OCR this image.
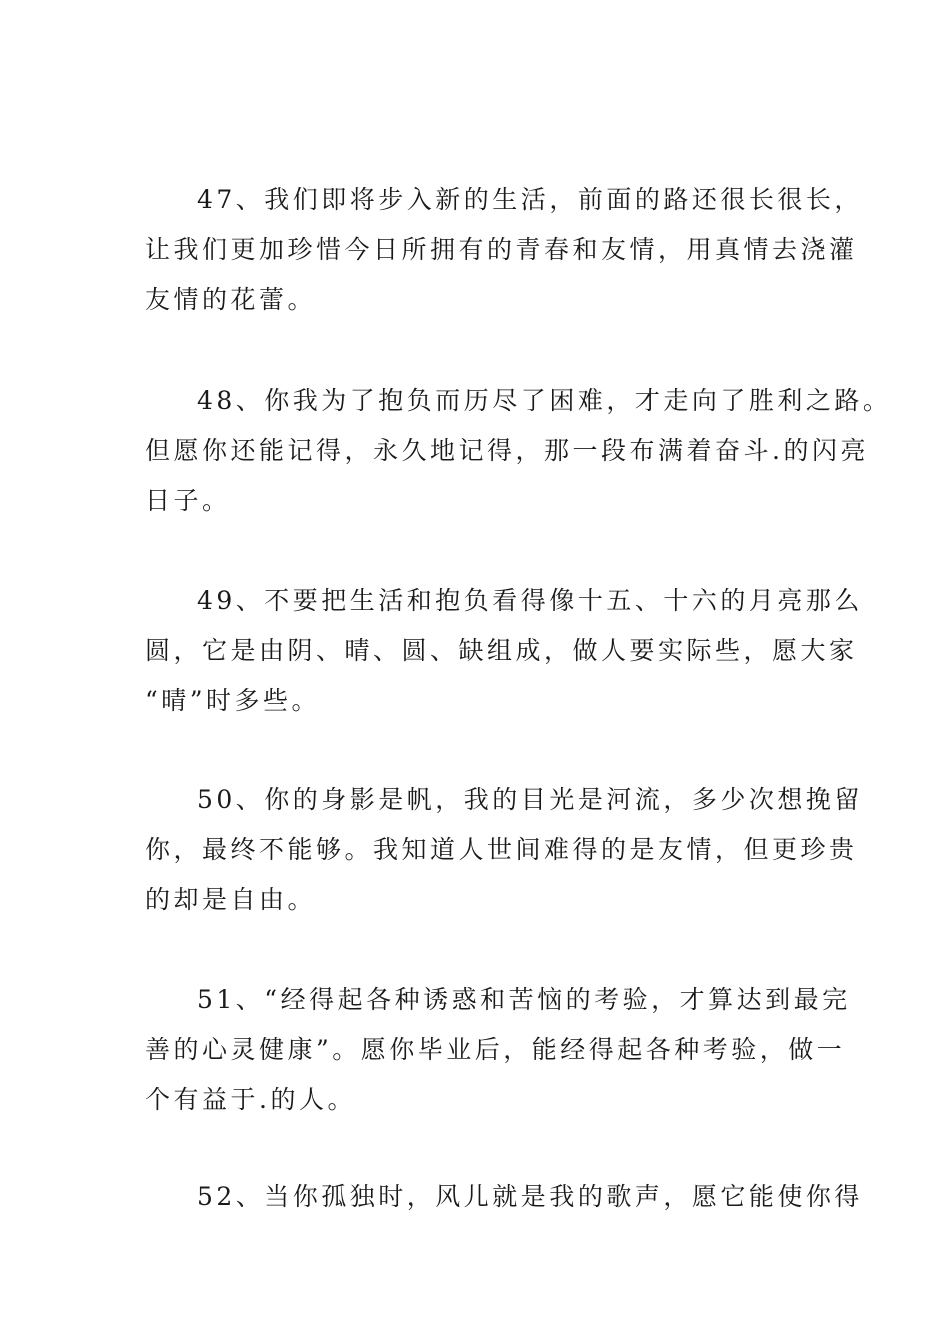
47、我们即将步入新的生活，前面的路还很长很长，
让我们更加珍惜今日所拥有的青春和友情，用真情去浇灌
友情的花蕾。
48、你我为了抱负而历尽了困难，才走向了胜利之路。
但愿你还能记得，永久地记得，那一段布满着奋斗.的闪亮
日子。
49、不要把生活和抱负看得像十五、十六的月亮那么
圆，它是由阴、晴、圆、缺组成，做人要实际些，愿大家
“晴”时多些。
50、你的身影是帆，我的目光是河流，多少次想挽留
你，最终不能够。我知道人世间难得的是友情，但更珍贵
的却是自由。
51、“经得起各种诱惑和苦恼的考验，才算达到最完
善的心灵健康”。愿你毕业后，能经得起各种考验，做一
个有益于.的人。
52、当你孤独时，风儿就是我的歌声，愿它能使你得
